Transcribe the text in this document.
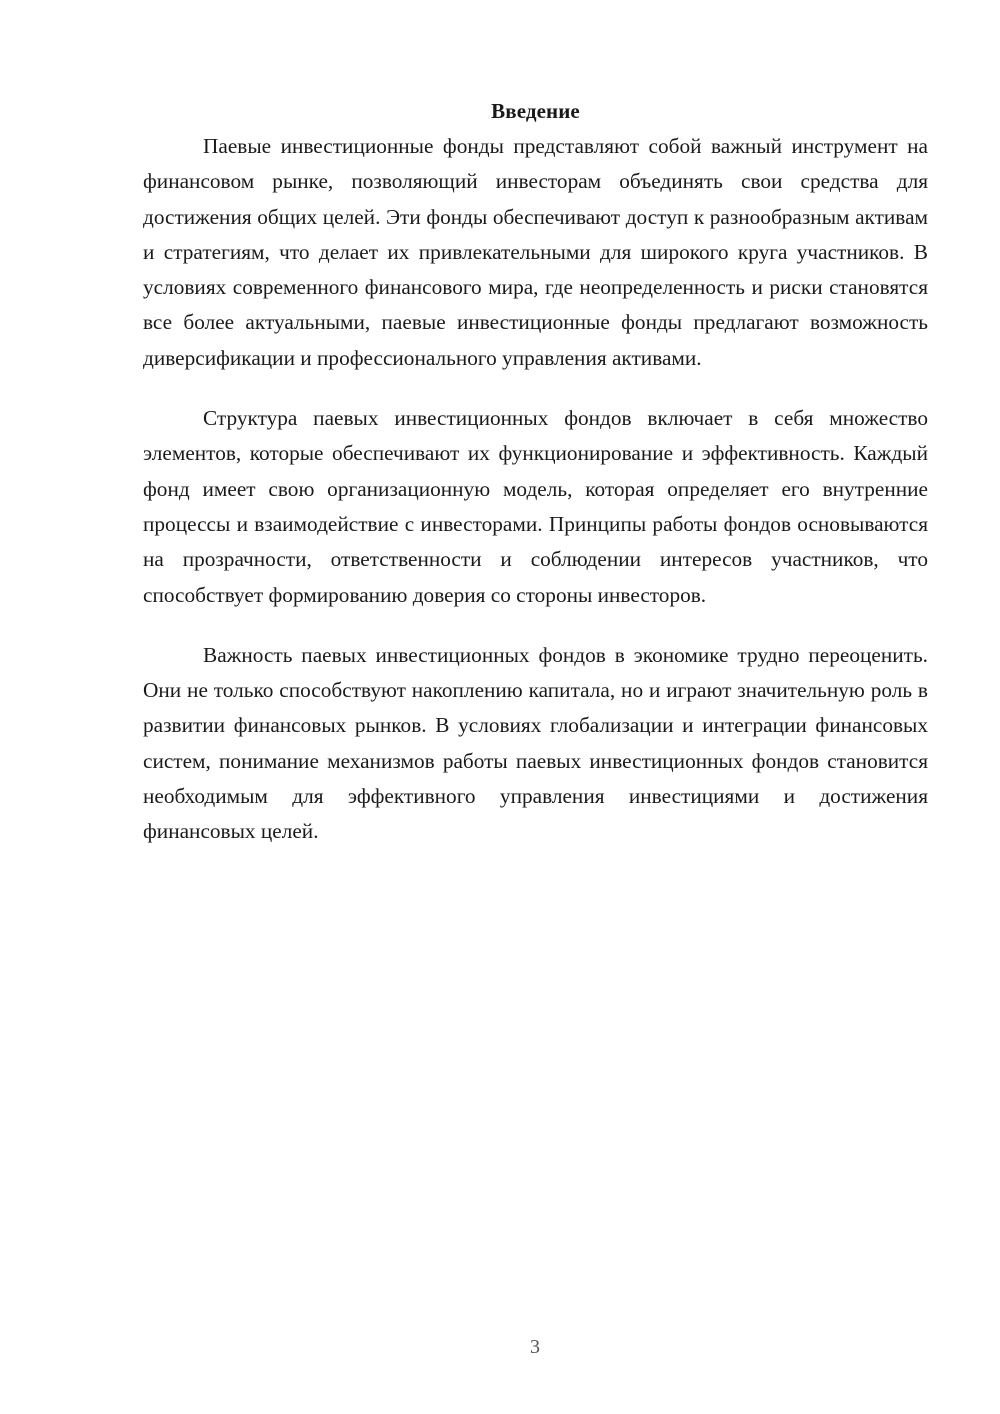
Введение

Паевые инвестиционные фонды представляют собой важный инструмент на финансовом рынке, позволяющий инвесторам объединять свои средства для достижения общих целей. Эти фонды обеспечивают доступ к разнообразным активам и стратегиям, что делает их привлекательными для широкого круга участников. В условиях современного финансового мира, где неопределенность и риски становятся все более актуальными, паевые инвестиционные фонды предлагают возможность диверсификации и профессионального управления активами.

Структура паевых инвестиционных фондов включает в себя множество элементов, которые обеспечивают их функционирование и эффективность. Каждый фонд имеет свою организационную модель, которая определяет его внутренние процессы и взаимодействие с инвесторами. Принципы работы фондов основываются на прозрачности, ответственности и соблюдении интересов участников, что способствует формированию доверия со стороны инвесторов.

Важность паевых инвестиционных фондов в экономике трудно переоценить. Они не только способствуют накоплению капитала, но и играют значительную роль в развитии финансовых рынков. В условиях глобализации и интеграции финансовых систем, понимание механизмов работы паевых инвестиционных фондов становится необходимым для эффективного управления инвестициями и достижения финансовых целей.

3
